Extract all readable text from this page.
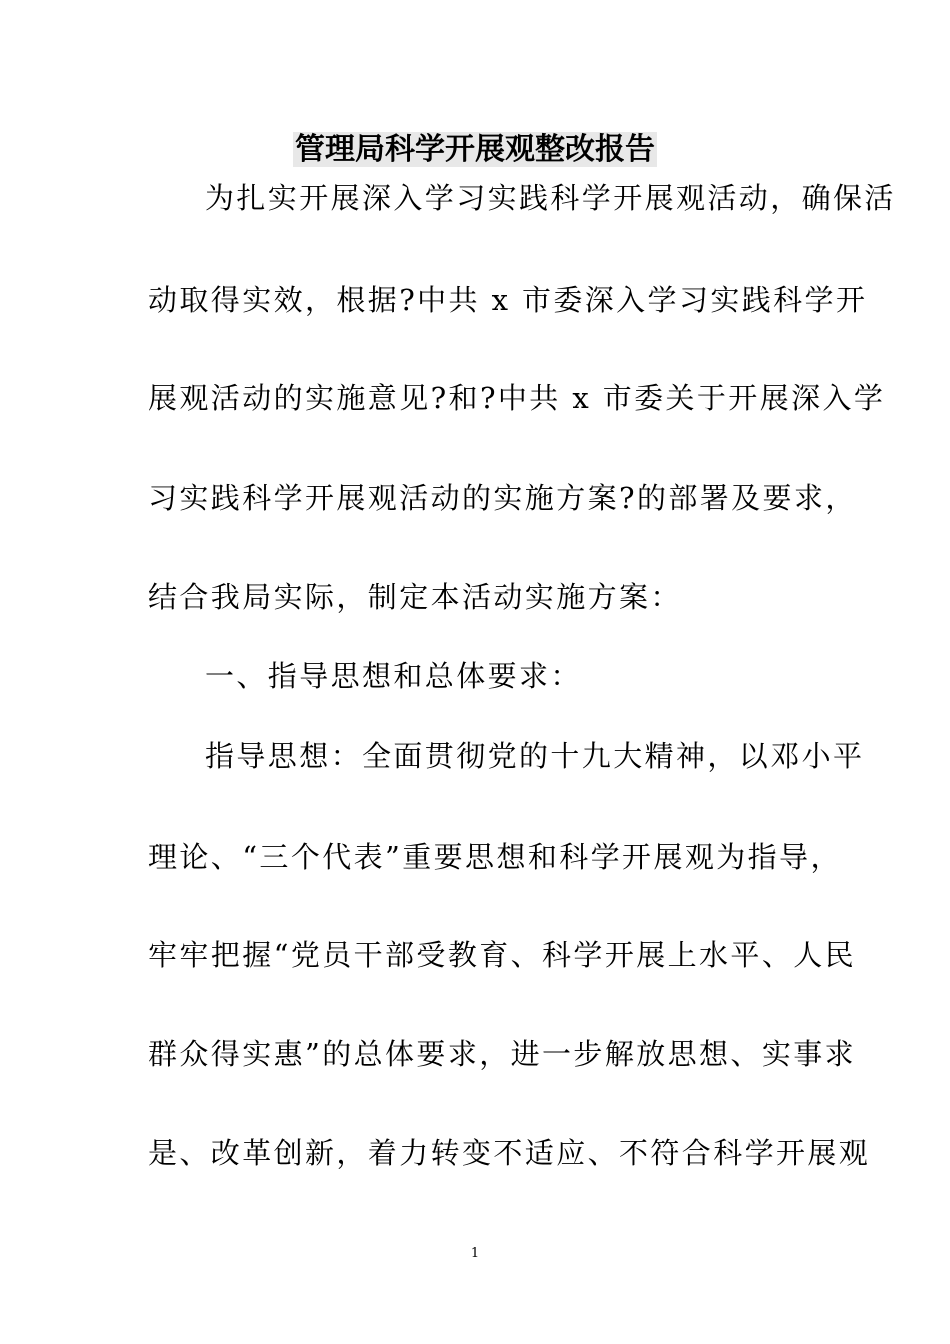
管理局科学开展观整改报告
为扎实开展深入学习实践科学开展观活动，确保活
动取得实效，根据?中共 x 市委深入学习实践科学开
展观活动的实施意见?和?中共 x 市委关于开展深入学
习实践科学开展观活动的实施方案?的部署及要求，
结合我局实际，制定本活动实施方案：
一、指导思想和总体要求：
指导思想：全面贯彻党的十九大精神，以邓小平
理论、“三个代表”重要思想和科学开展观为指导，
牢牢把握“党员干部受教育、科学开展上水平、人民
群众得实惠”的总体要求，进一步解放思想、实事求
是、改革创新，着力转变不适应、不符合科学开展观
1
